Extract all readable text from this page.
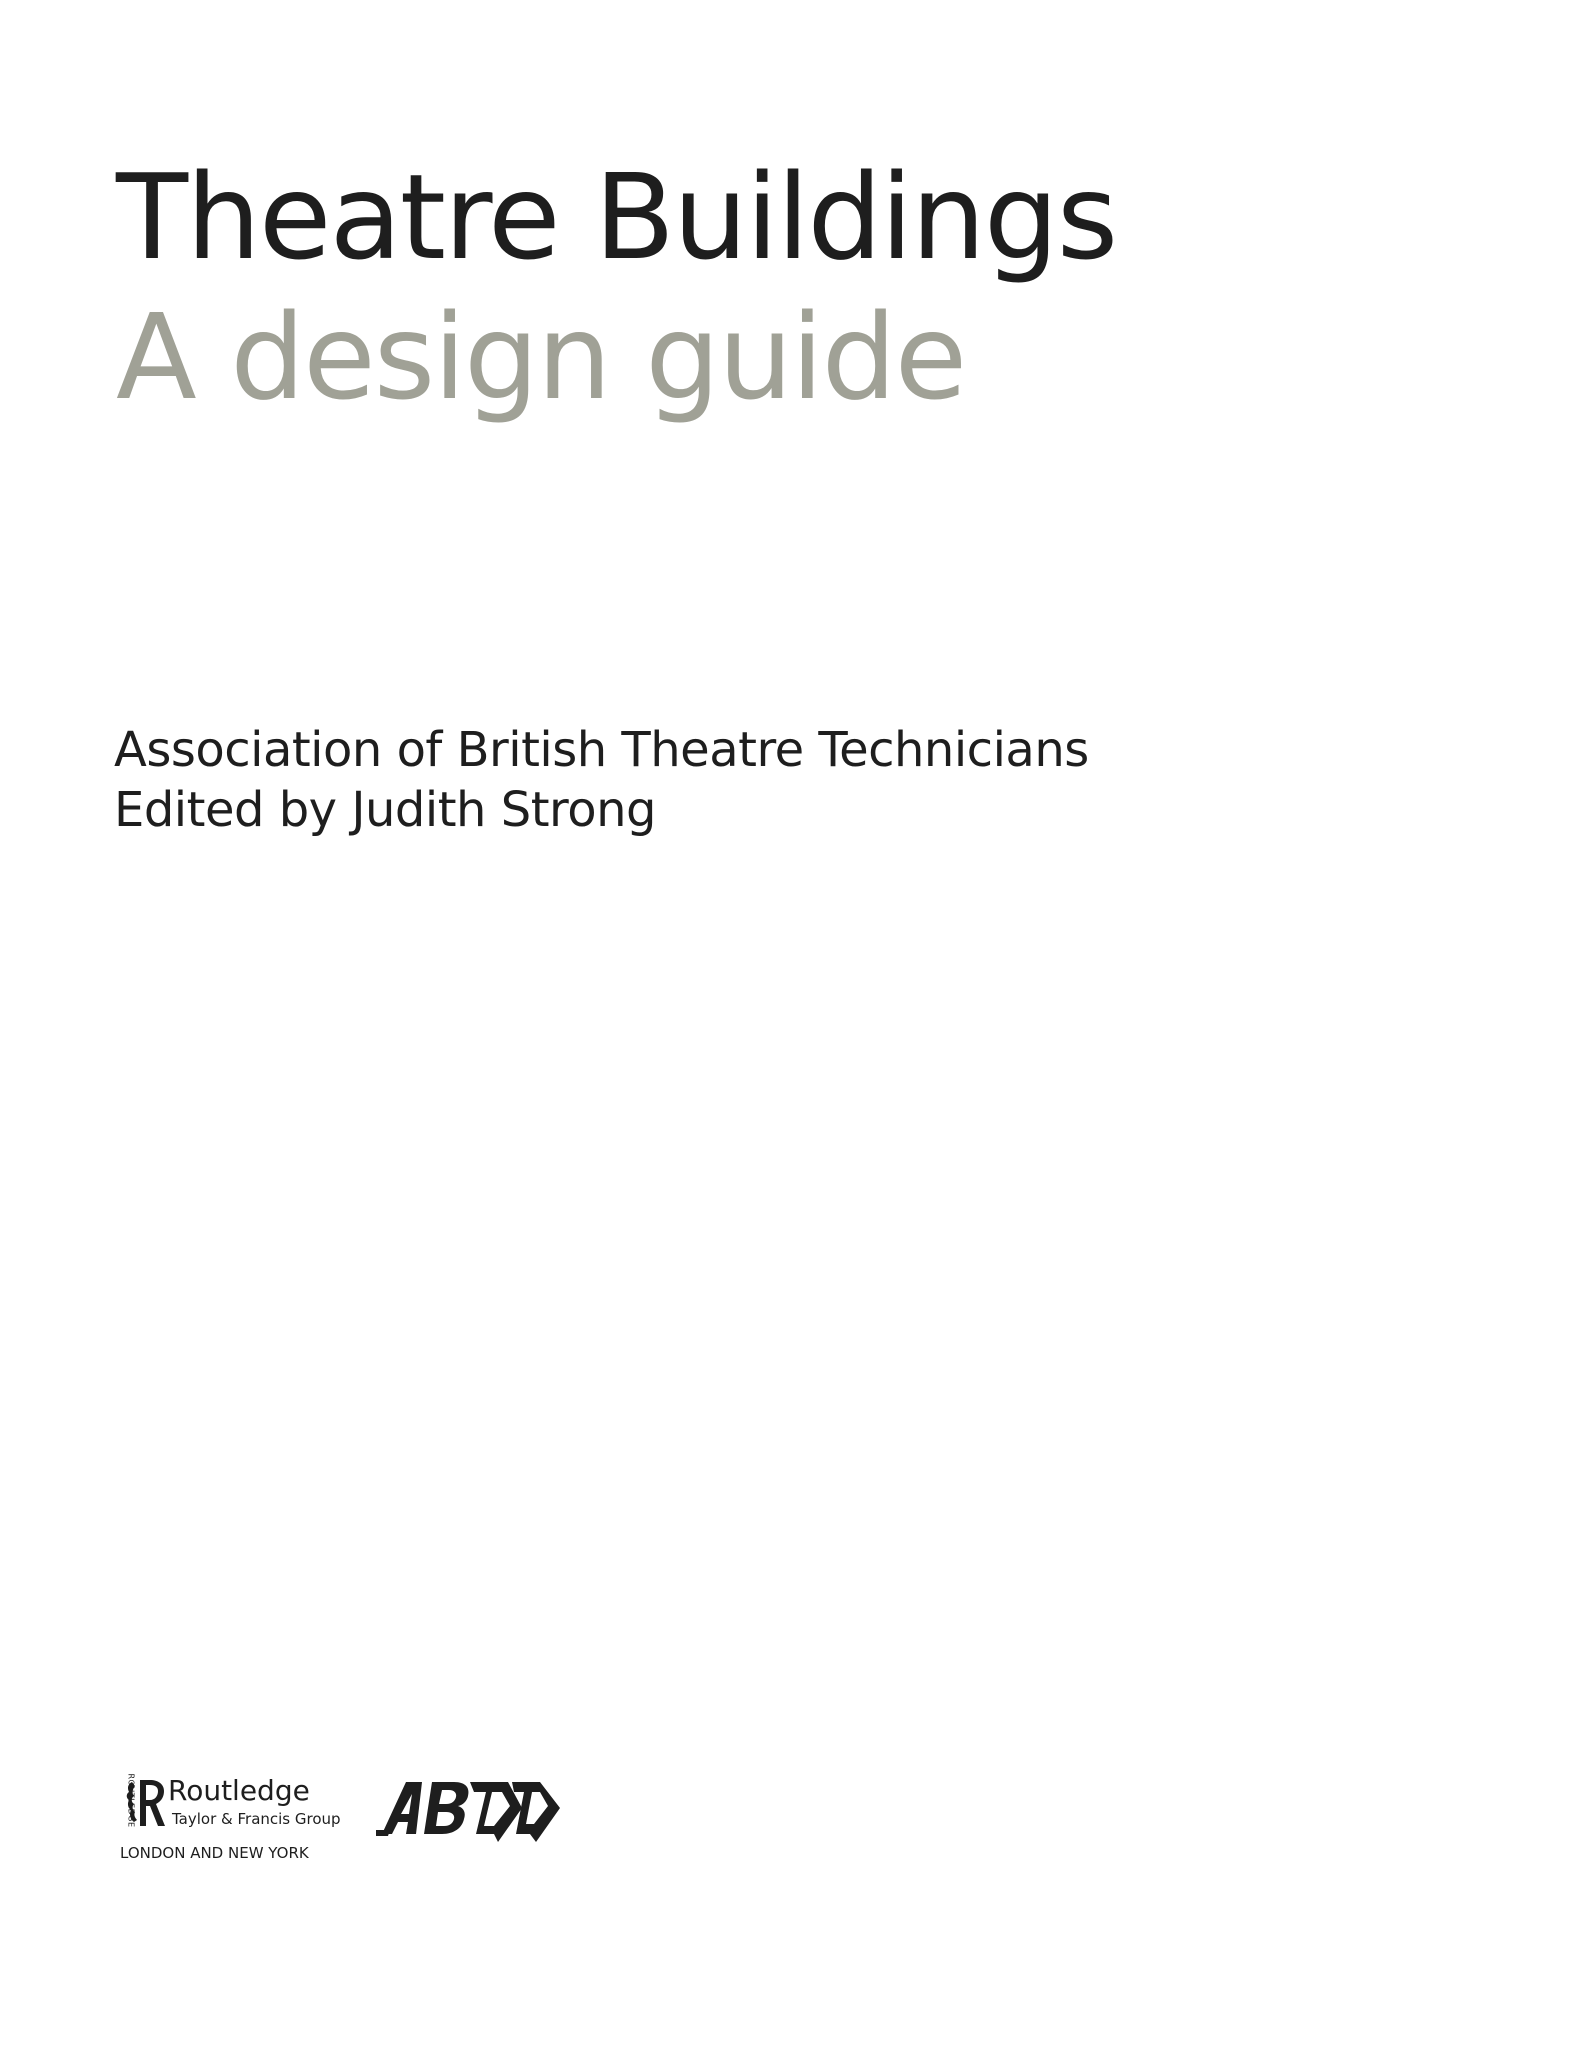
Theatre Buildings
A design guide

Association of British Theatre Technicians

Edited by Judith Strong

ROUTLEDGE Routledge
Taylor & Francis Group
LONDON AND NEW YORK
